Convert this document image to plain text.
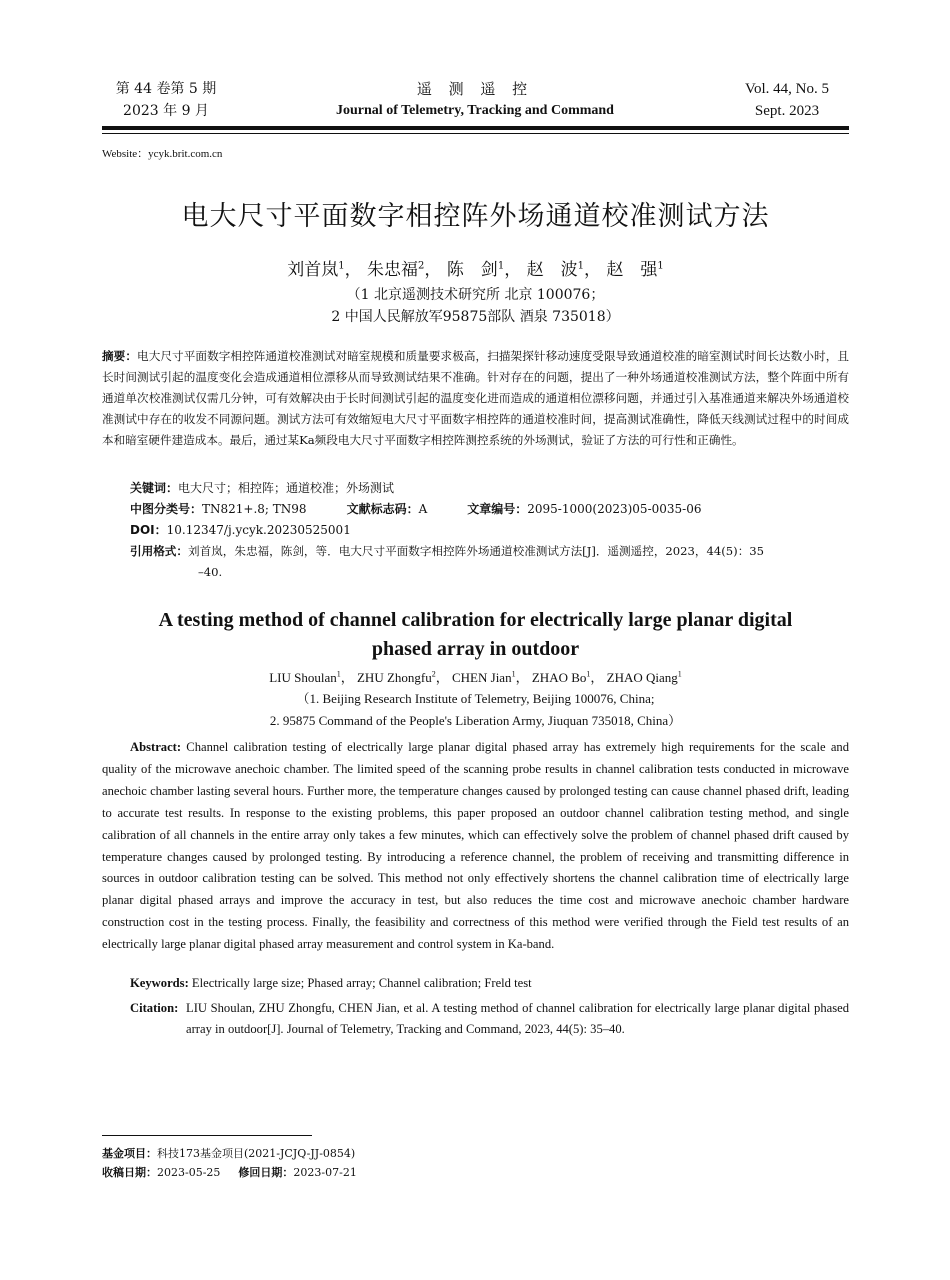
第 44 卷第 5 期
2023 年 9 月
遥 测 遥 控
Journal of Telemetry, Tracking and Command
Vol. 44, No. 5
Sept. 2023
Website：ycyk.brit.com.cn
电大尺寸平面数字相控阵外场通道校准测试方法
刘首岚$^1$， 朱忠福$^2$， 陈　剑$^1$， 赵　波$^1$， 赵　强$^1$
（1 北京遥测技术研究所 北京 100076；
2 中国人民解放军95875部队 酒泉 735018）
摘要：电大尺寸平面数字相控阵通道校准测试对暗室规模和质量要求极高，扫描架探针移动速度受限导致通道校准的暗室测试时间长达数小时，且长时间测试引起的温度变化会造成通道相位漂移从而导致测试结果不准确。针对存在的问题，提出了一种外场通道校准测试方法，整个阵面中所有通道单次校准测试仅需几分钟，可有效解决由于长时间测试引起的温度变化进而造成的通道相位漂移问题，并通过引入基准通道来解决外场通道校准测试中存在的收发不同源问题。测试方法可有效缩短电大尺寸平面数字相控阵的通道校准时间，提高测试准确性，降低天线测试过程中的时间成本和暗室硬件建造成本。最后，通过某Ka频段电大尺寸平面数字相控阵测控系统的外场测试，验证了方法的可行性和正确性。
关键词：电大尺寸；相控阵；通道校准；外场测试
中图分类号：TN821+.8; TN98	文献标志码：A	文章编号：2095-1000(2023)05-0035-06
DOI：10.12347/j.ycyk.20230525001
引用格式：刘首岚，朱忠福，陈剑，等．电大尺寸平面数字相控阵外场通道校准测试方法[J]．遥测遥控，2023，44(5)：35
–40.
A testing method of channel calibration for electrically large planar digital
phased array in outdoor
LIU Shoulan$^1$， ZHU Zhongfu$^2$， CHEN Jian$^1$， ZHAO Bo$^1$， ZHAO Qiang$^1$
（1. Beijing Research Institute of Telemetry, Beijing 100076, China;
2. 95875 Command of the People's Liberation Army, Jiuquan 735018, China）
Abstract: Channel calibration testing of electrically large planar digital phased array has extremely high requirements for the scale and quality of the microwave anechoic chamber. The limited speed of the scanning probe results in channel calibration tests conducted in microwave anechoic chamber lasting several hours. Further more, the temperature changes caused by prolonged testing can cause channel phased drift, leading to accurate test results. In response to the existing problems, this paper proposed an outdoor channel calibration testing method, and single calibration of all channels in the entire array only takes a few minutes, which can effectively solve the problem of channel phased drift caused by temperature changes caused by prolonged testing. By introducing a reference channel, the problem of receiving and transmitting difference in sources in outdoor calibration testing can be solved. This method not only effectively shortens the channel calibration time of electrically large planar digital phased arrays and improve the accuracy in test, but also reduces the time cost and microwave anechoic chamber hardware construction cost in the testing process. Finally, the feasibility and correctness of this method were verified through the Field test results of an electrically large planar digital phased array measurement and control system in Ka-band.
Keywords: Electrically large size; Phased array; Channel calibration; Freld test
Citation: LIU Shoulan, ZHU Zhongfu, CHEN Jian, et al. A testing method of channel calibration for electrically large planar digital phased array in outdoor[J]. Journal of Telemetry, Tracking and Command, 2023, 44(5): 35–40.
基金项目：科技173基金项目(2021-JCJQ-JJ-0854)
收稿日期：2023-05-25 修回日期：2023-07-21
